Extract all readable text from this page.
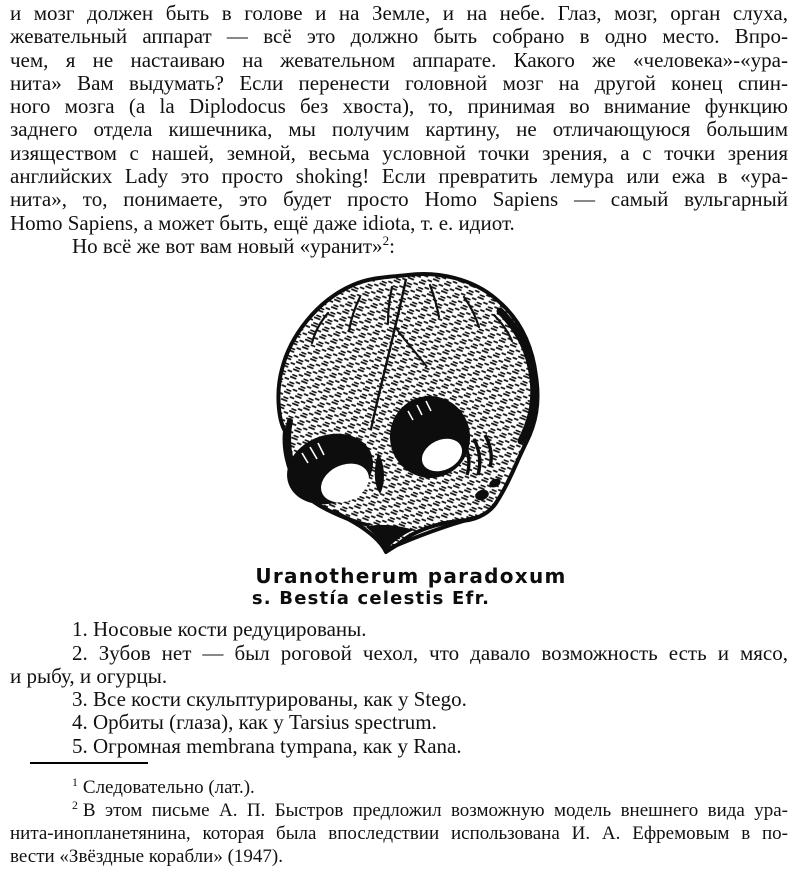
и мозг должен быть в голове и на Земле, и на небе. Глаз, мозг, орган слуха,
жевательный аппарат — всё это должно быть собрано в одно место. Впро-
чем, я не настаиваю на жевательном аппарате. Какого же «человека»-«ура-
нита» Вам выдумать? Если перенести головной мозг на другой конец спин-
ного мозга (a la Diplodocus без хвоста), то, принимая во внимание функцию
заднего отдела кишечника, мы получим картину, не отличающуюся большим
изяществом с нашей, земной, весьма условной точки зрения, а с точки зрения
английских Lady это просто shoking! Если превратить лемура или ежа в «ура-
нита», то, понимаете, это будет просто Homo Sapiens — самый вульгарный
Homo Sapiens, а может быть, ещё даже idiota, т. е. идиот.
Но всё же вот вам новый «уранит»$^2$:
Uranotherum paradoxum
s. Bestía celestis Efr.
1. Носовые кости редуцированы.
2. Зубов нет — был роговой чехол, что давало возможность есть и мясо,
и рыбу, и огурцы.
3. Все кости скульптурированы, как у Stego.
4. Орбиты (глаза), как у Tarsius spectrum.
5. Огромная membrana tympana, как у Rana.
$^1$ Следовательно (лат.).
$^2$ В этом письме А. П. Быстров предложил возможную модель внешнего вида ура-
нита-инопланетянина, которая была впоследствии использована И. А. Ефремовым в по-
вести «Звёздные корабли» (1947).
